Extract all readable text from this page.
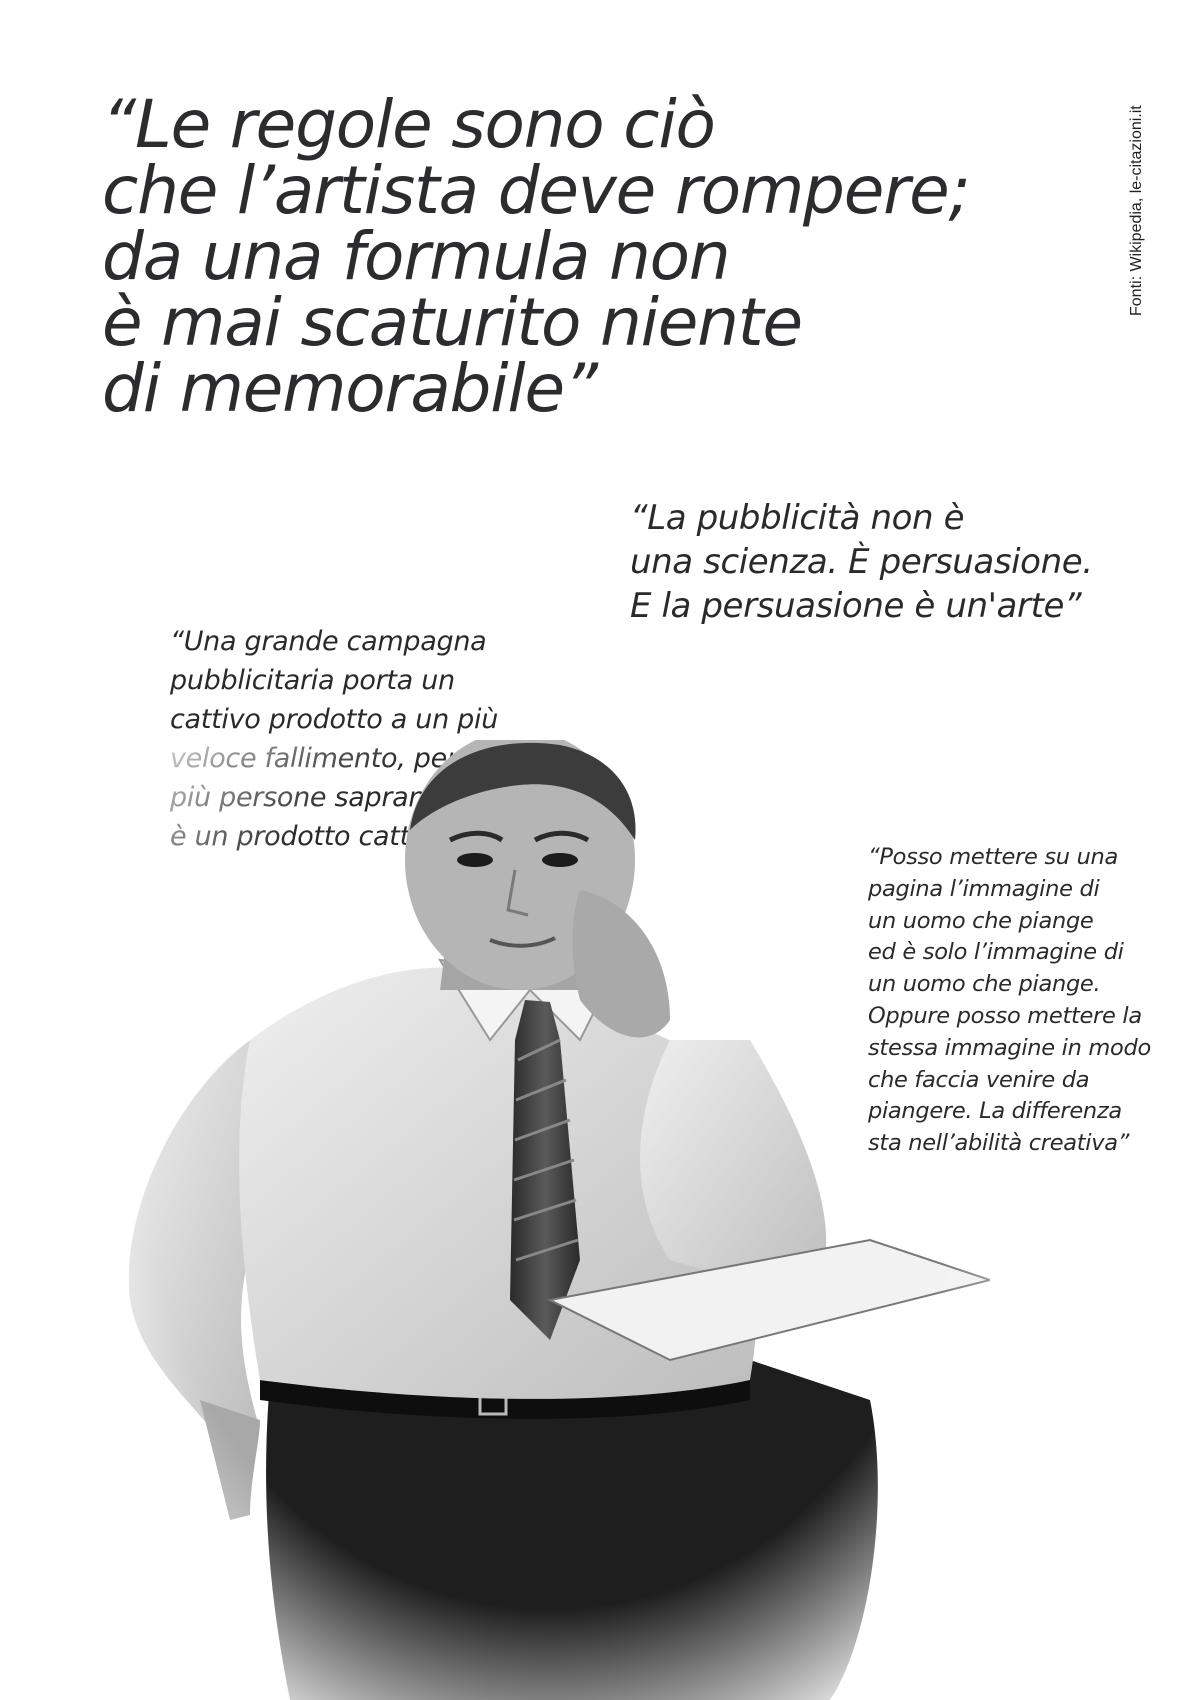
“Le regole sono ciò
che l’artista deve rompere;
da una formula non
è mai scaturito niente
di memorabile”

“La pubblicità non è
una scienza. È persuasione.
E la persuasione è un'arte”

“Una grande campagna
pubblicitaria porta un
cattivo prodotto a un più

“Posso mettere su una
pagina l’immagine di
un uomo che piange
ed è solo l’immagine di
un uomo che piange.
Oppure posso mettere la
stessa immagine in modo
che faccia venire da
piangere. La differenza
sta nell’abilità creativa”

Fonti: Wikipedia, le-citazioni.it
